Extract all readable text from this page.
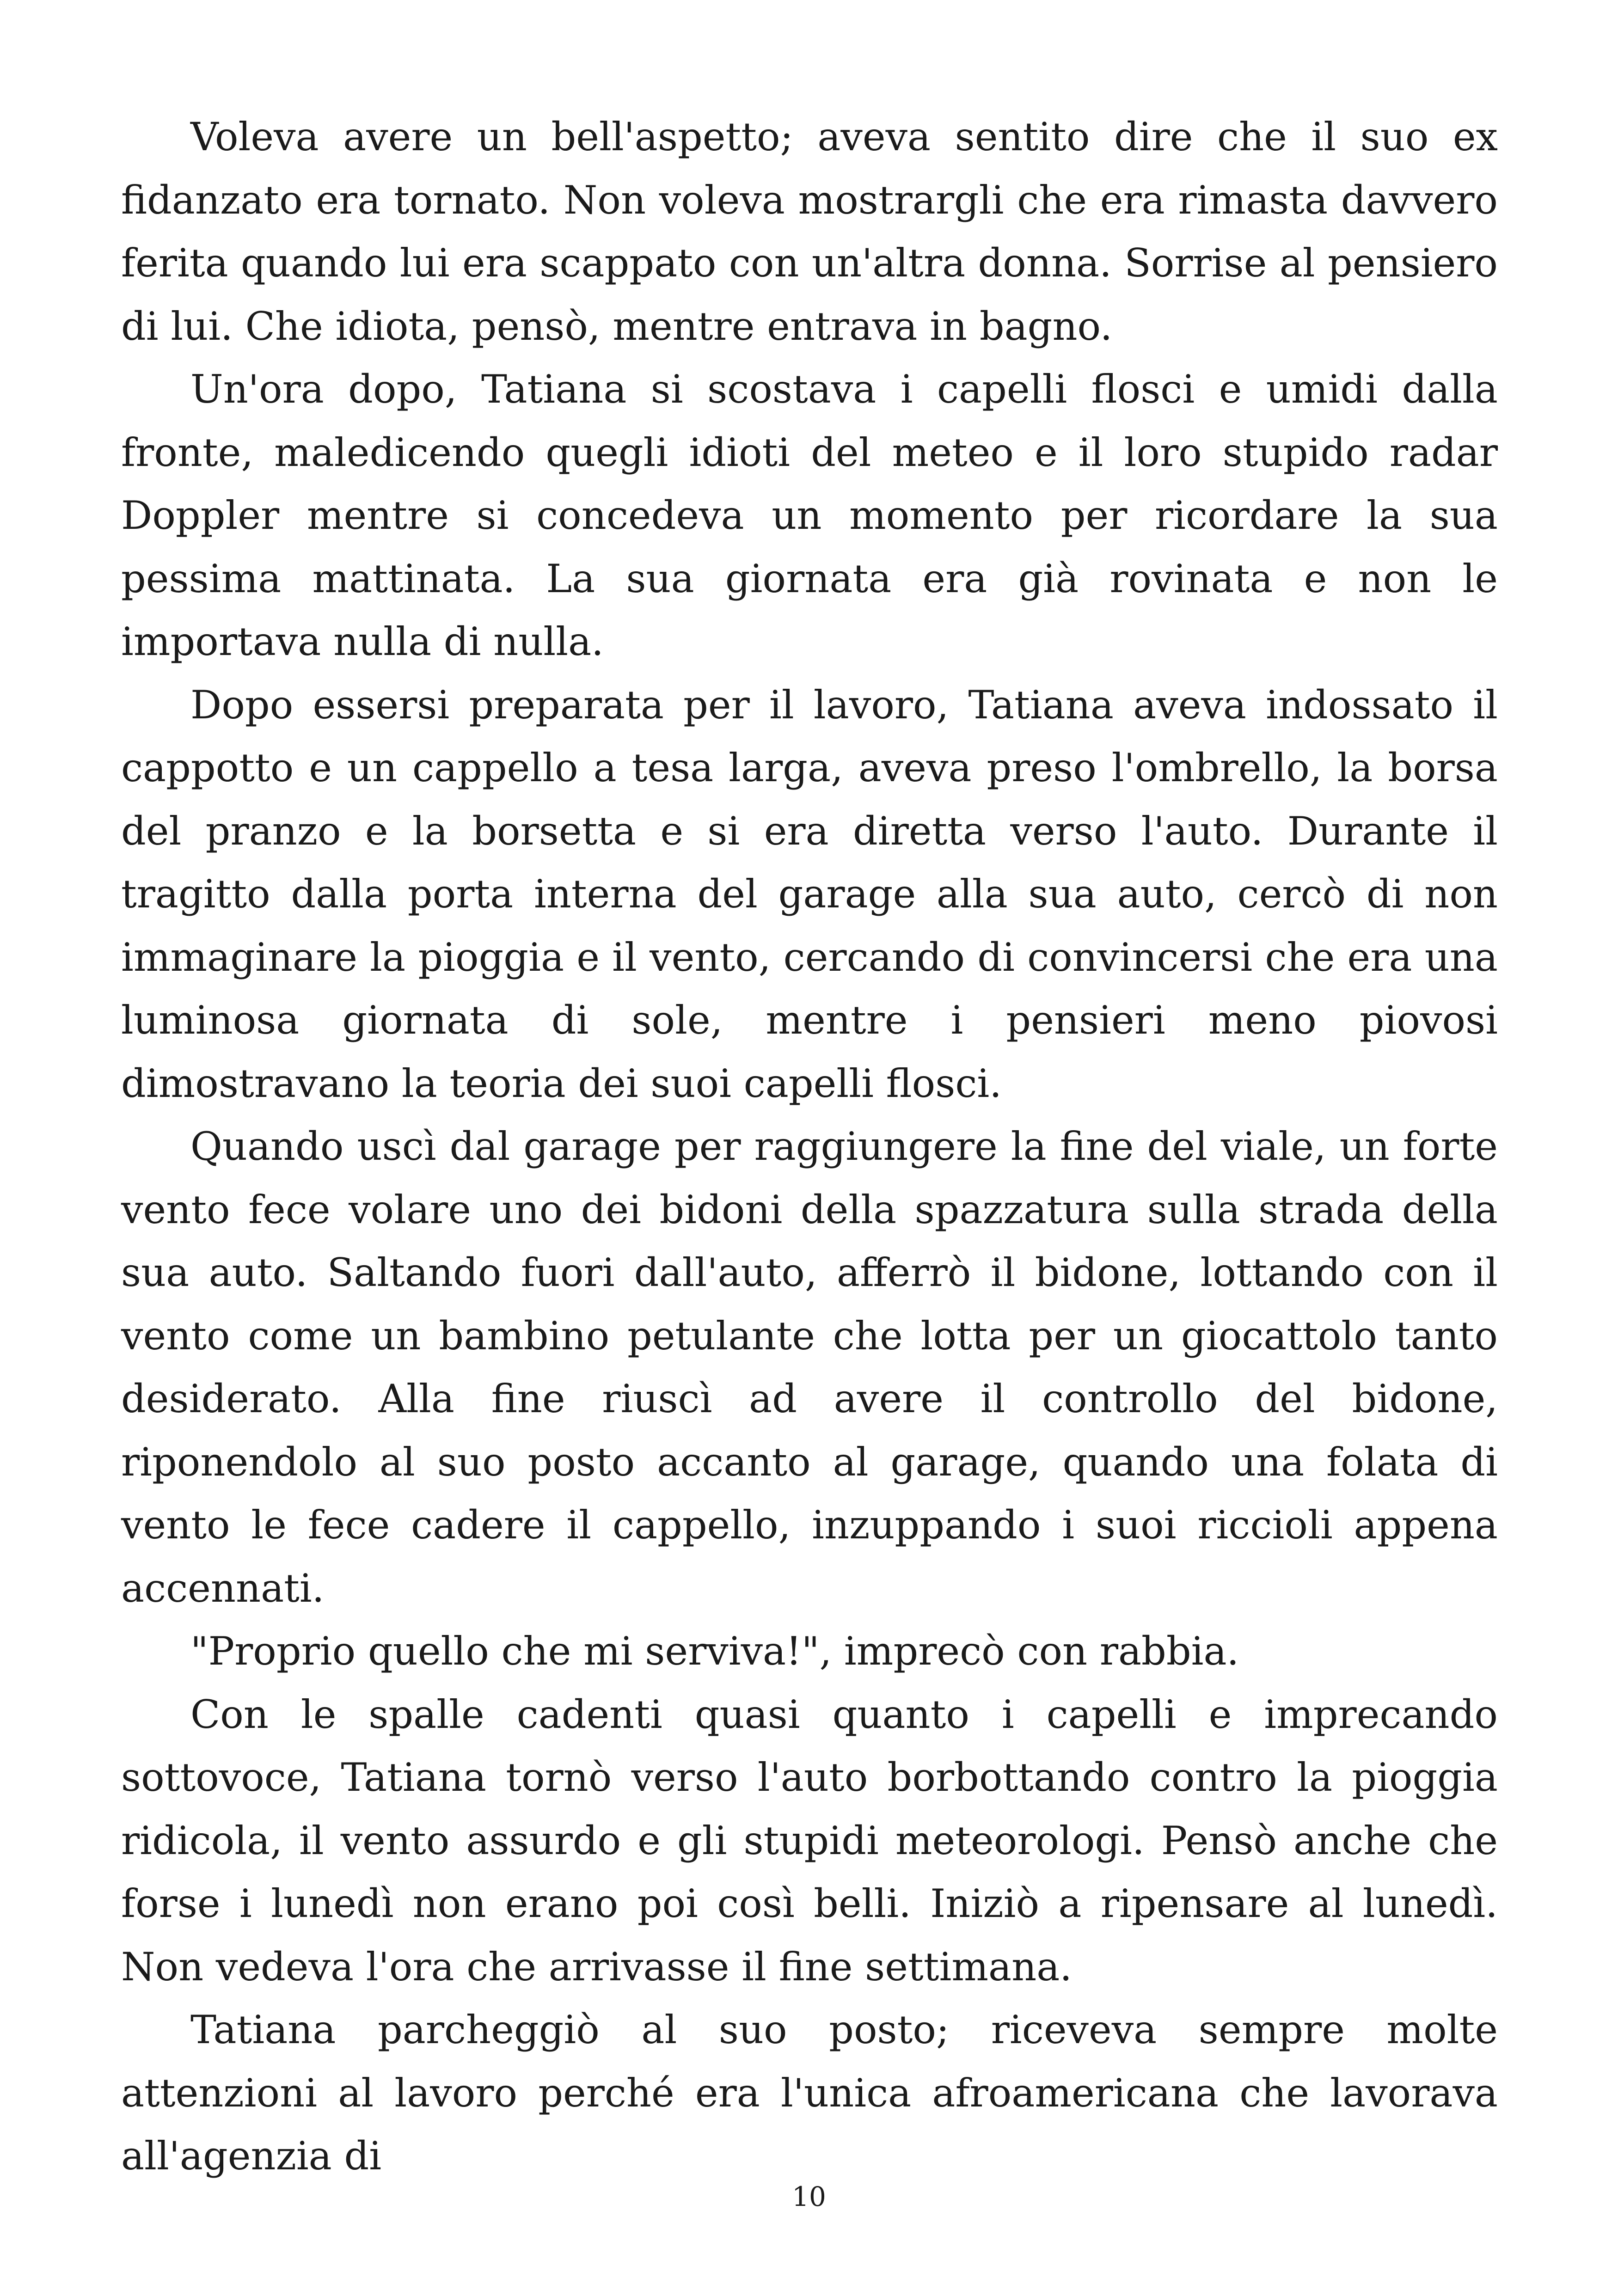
Voleva avere un bell'aspetto; aveva sentito dire che il suo ex fidanzato era tornato. Non voleva mostrargli che era rimasta davvero ferita quando lui era scappato con un'altra donna. Sorrise al pensiero di lui. Che idiota, pensò, mentre entrava in bagno.

Un'ora dopo, Tatiana si scostava i capelli flosci e umidi dalla fronte, maledicendo quegli idioti del meteo e il loro stupido radar Doppler mentre si concedeva un momento per ricordare la sua pessima mattinata. La sua giornata era già rovinata e non le importava nulla di nulla.

Dopo essersi preparata per il lavoro, Tatiana aveva indossato il cappotto e un cappello a tesa larga, aveva preso l'ombrello, la borsa del pranzo e la borsetta e si era diretta verso l'auto. Durante il tragitto dalla porta interna del garage alla sua auto, cercò di non immaginare la pioggia e il vento, cercando di convincersi che era una luminosa giornata di sole, mentre i pensieri meno piovosi dimostravano la teoria dei suoi capelli flosci.

Quando uscì dal garage per raggiungere la fine del viale, un forte vento fece volare uno dei bidoni della spazzatura sulla strada della sua auto. Saltando fuori dall'auto, afferrò il bidone, lottando con il vento come un bambino petulante che lotta per un giocattolo tanto desiderato. Alla fine riuscì ad avere il controllo del bidone, riponendolo al suo posto accanto al garage, quando una folata di vento le fece cadere il cappello, inzuppando i suoi riccioli appena accennati.

"Proprio quello che mi serviva!", imprecò con rabbia.

Con le spalle cadenti quasi quanto i capelli e imprecando sottovoce, Tatiana tornò verso l'auto borbottando contro la pioggia ridicola, il vento assurdo e gli stupidi meteorologi. Pensò anche che forse i lunedì non erano poi così belli. Iniziò a ripensare al lunedì. Non vedeva l'ora che arrivasse il fine settimana.

Tatiana parcheggiò al suo posto; riceveva sempre molte attenzioni al lavoro perché era l'unica afroamericana che lavorava all'agenzia di

10
